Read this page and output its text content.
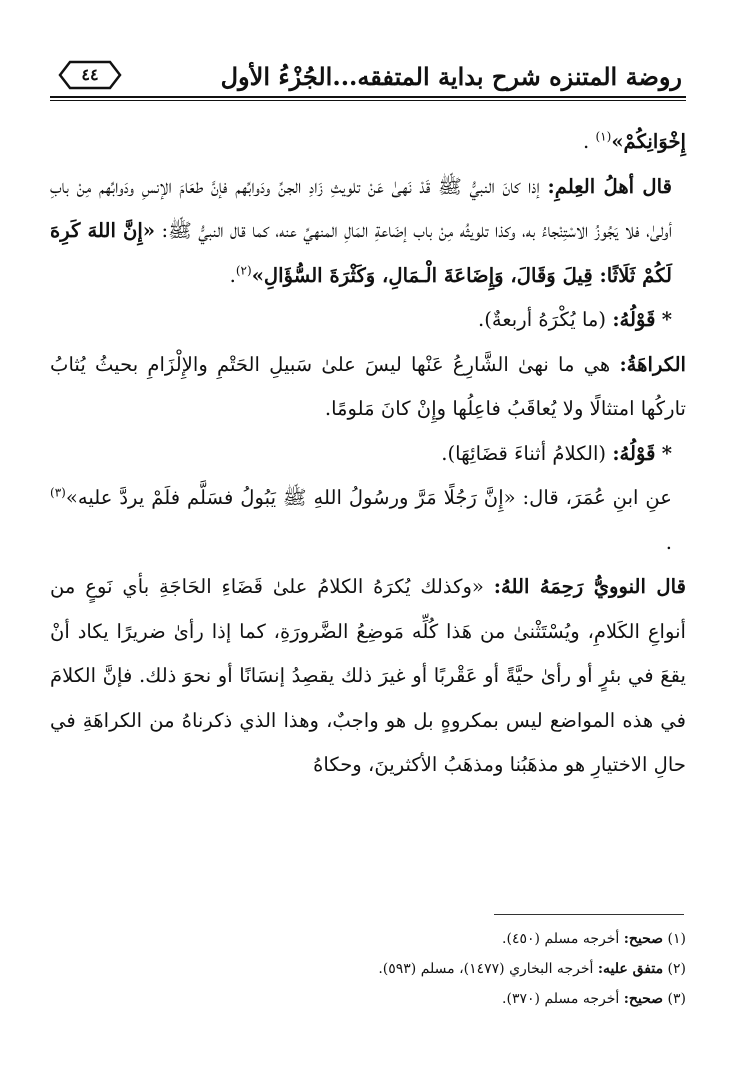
روضة المتنزه شرح بداية المتفقه...الجُزْءُ الأول
٤٤

إِخْوَانِكُمْ»$^{(١)}$ .

قال أهلُ العِلمِ: إذا كانَ النبيُّ ﷺ قَدْ نَهىٰ عَنْ تلويثِ زَادِ الجنِّ ودَوابِّهم فإنَّ طعَامَ الإنسِ ودَوابِّهم مِنْ بابِ أولىٰ، فلا يَجُوزُ الاسْتِنْجاءُ به، وكذا تلويثُه مِنْ باب إضَاعةِ المَالِ المنهيِّ عنه، كما قال النبيُّ ﷺ: «إِنَّ اللهَ كَرِهَ لَكُمْ ثَلَاثًا: قِيلَ وَقَالَ، وَإِضَاعَةَ الْـمَالِ، وَكَثْرَةَ السُّؤَالِ»$^{(٢)}$.

* قَوْلُهُ: (ما يُكْرَهُ أربعةٌ).

الكراهَةُ: هي ما نهىٰ الشَّارِعُ عَنْها ليسَ علىٰ سَبيلِ الحَتْمِ والإِلْزَامِ بحيثُ يُثابُ تاركُها امتثالًا ولا يُعاقَبُ فاعِلُها وإِنْ كانَ مَلومًا.

* قَوْلُهُ: (الكلامُ أثناءَ قضَائِهَا).

عنِ ابنِ عُمَرَ، قال: «إِنَّ رَجُلًا مَرَّ ورسُولُ اللهِ ﷺ يَبُولُ فسَلَّم فلَمْ يردَّ عليه»$^{(٣)}$ .

قال النوويُّ رَحِمَهُ اللهُ: «وكذلك يُكرَهُ الكلامُ علىٰ قَضَاءِ الحَاجَةِ بأي نَوعٍ من أنواعِ الكَلامِ، ويُسْتَثْنىٰ من هَذا كُلِّه مَوضِعُ الضَّرورَةِ، كما إذا رأىٰ ضريرًا يكاد أنْ يقعَ في بئرٍ أو رأىٰ حيَّةً أو عَقْربًا أو غيرَ ذلك يقصِدُ إنسَانًا أو نحوَ ذلك. فإنَّ الكلامَ في هذه المواضع ليس بمكروهٍ بل هو واجبٌ، وهذا الذي ذكرناهُ من الكراهَةِ في حالِ الاختيارِ هو مذهَبُنا ومذهَبُ الأكثرينَ، وحكاهُ

(١) صحيح: أخرجه مسلم (٤٥٠).
(٢) متفق عليه: أخرجه البخاري (١٤٧٧)، مسلم (٥٩٣).
(٣) صحيح: أخرجه مسلم (٣٧٠).
